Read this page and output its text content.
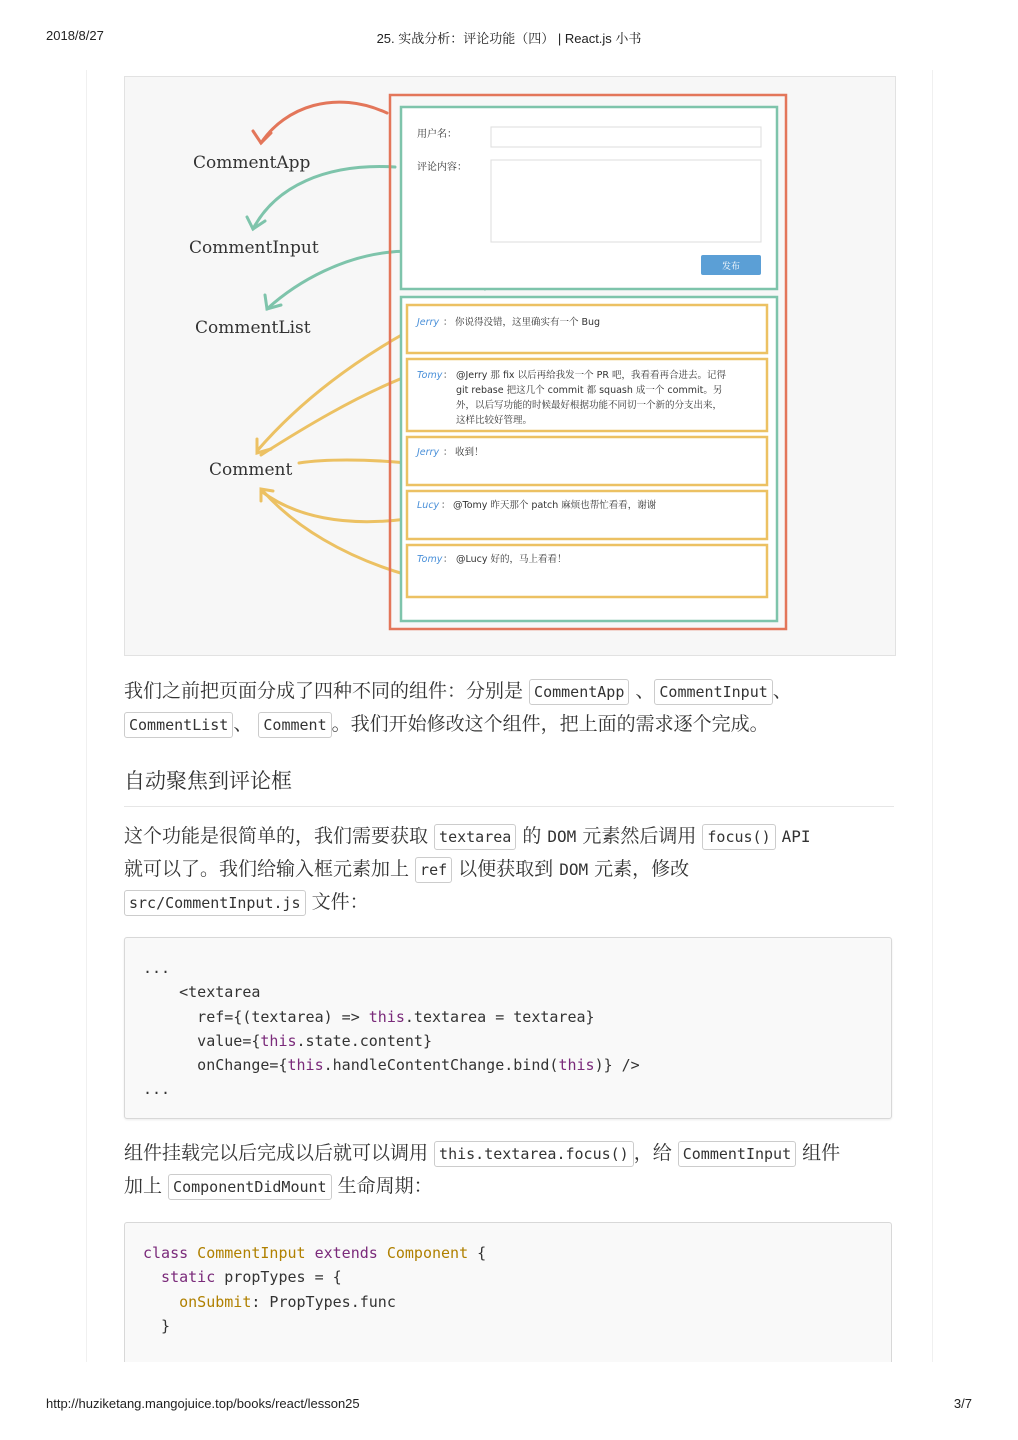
2018/8/27	25. 实战分析：评论功能（四） | React.js 小书
CommentApp
CommentInput
CommentList
Comment
用户名：
评论内容：
发布
Jerry ： 你说得没错，这里确实有一个 Bug
Tomy ： @Jerry 那 fix 以后再给我发一个 PR 吧，我看看再合进去。记得
git rebase 把这几个 commit 都 squash 成一个 commit。另
外，以后写功能的时候最好根据功能不同切一个新的分支出来，
这样比较好管理。
Jerry ： 收到！
Lucy ： @Tomy 昨天那个 patch 麻烦也帮忙看看，谢谢
Tomy ： @Lucy 好的，马上看看！

我们之前把页面分成了四种不同的组件：分别是 CommentApp 、 CommentInput 、
CommentList 、 Comment 。我们开始修改这个组件，把上面的需求逐个完成。

自动聚焦到评论框

这个功能是很简单的，我们需要获取 textarea 的 DOM 元素然后调用 focus() API
就可以了。我们给输入框元素加上 ref 以便获取到 DOM 元素，修改
src/CommentInput.js 文件：

...
<textarea
ref={(textarea) => this.textarea = textarea}
value={this.state.content}
onChange={this.handleContentChange.bind(this)} />
...

组件挂载完以后完成以后就可以调用 this.textarea.focus() ，给 CommentInput 组件
加上 ComponentDidMount 生命周期：

class CommentInput extends Component {
static propTypes = {
onSubmit: PropTypes.func
}
http://huziketang.mangojuice.top/books/react/lesson25	3/7
